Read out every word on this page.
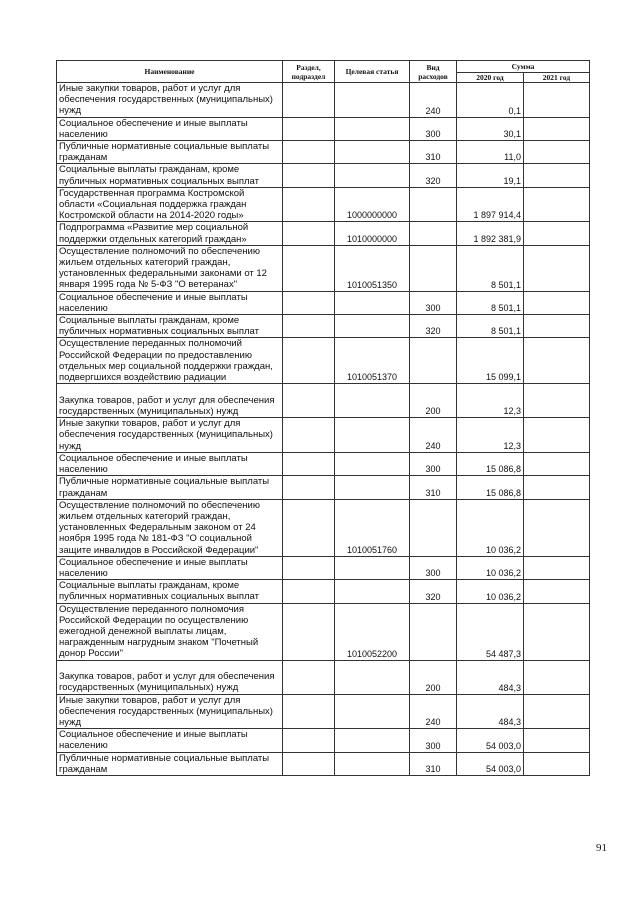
Наименование	Раздел, подраздел	Целевая статья	Вид расходов	Сумма	
				2020 год	2021 год
Иные закупки товаров, работ и услуг для обеспечения государственных (муниципальных) нужд			240	0,1	
Социальное обеспечение и иные выплаты населению			300	30,1	
Публичные нормативные социальные выплаты гражданам			310	11,0	
Социальные выплаты гражданам, кроме публичных нормативных социальных выплат			320	19,1	
Государственная программа Костромской области «Социальная поддержка граждан Костромской области на 2014-2020 годы»		1000000000		1 897 914,4	
Подпрограмма «Развитие мер социальной поддержки отдельных категорий граждан»		1010000000		1 892 381,9	
Осуществление полномочий по обеспечению жильем отдельных категорий граждан, установленных федеральными законами от 12 января 1995 года № 5-ФЗ "О ветеранах"		1010051350		8 501,1	
Социальное обеспечение и иные выплаты населению			300	8 501,1	
Социальные выплаты гражданам, кроме публичных нормативных социальных выплат			320	8 501,1	
Осуществление переданных полномочий Российской Федерации по предоставлению отдельных мер социальной поддержки граждан, подвергшихся воздействию радиации		1010051370		15 099,1	
Закупка товаров, работ и услуг для обеспечения государственных (муниципальных) нужд			200	12,3	
Иные закупки товаров, работ и услуг для обеспечения государственных (муниципальных) нужд			240	12,3	
Социальное обеспечение и иные выплаты населению			300	15 086,8	
Публичные нормативные социальные выплаты гражданам			310	15 086,8	
Осуществление полномочий по обеспечению жильем отдельных категорий граждан, установленных Федеральным законом от 24 ноября 1995 года № 181-ФЗ "О социальной защите инвалидов в Российской Федерации"		1010051760		10 036,2	
Социальное обеспечение и иные выплаты населению			300	10 036,2	
Социальные выплаты гражданам, кроме публичных нормативных социальных выплат			320	10 036,2	
Осуществление переданного полномочия Российской Федерации по осуществлению ежегодной денежной выплаты лицам, награжденным нагрудным знаком "Почетный донор России"		1010052200		54 487,3	
Закупка товаров, работ и услуг для обеспечения государственных (муниципальных) нужд			200	484,3	
Иные закупки товаров, работ и услуг для обеспечения государственных (муниципальных) нужд			240	484,3	
Социальное обеспечение и иные выплаты населению			300	54 003,0	
Публичные нормативные социальные выплаты гражданам			310	54 003,0	
91
